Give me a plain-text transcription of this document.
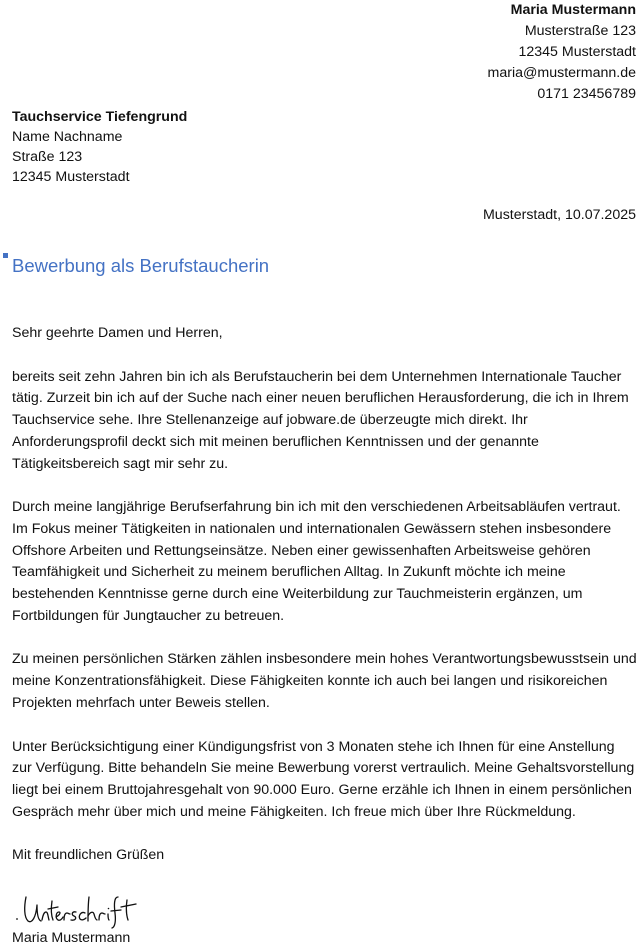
Maria Mustermann
Musterstraße 123
12345 Musterstadt
maria@mustermann.de
0171 23456789
Tauchservice Tiefengrund
Name Nachname
Straße 123
12345 Musterstadt
Musterstadt, 10.07.2025
Bewerbung als Berufstaucherin

Sehr geehrte Damen und Herren,

bereits seit zehn Jahren bin ich als Berufstaucherin bei dem Unternehmen Internationale Taucher tätig. Zurzeit bin ich auf der Suche nach einer neuen beruflichen Herausforderung, die ich in Ihrem Tauchservice sehe. Ihre Stellenanzeige auf jobware.de überzeugte mich direkt. Ihr Anforderungsprofil deckt sich mit meinen beruflichen Kenntnissen und der genannte Tätigkeitsbereich sagt mir sehr zu.

Durch meine langjährige Berufserfahrung bin ich mit den verschiedenen Arbeitsabläufen vertraut. Im Fokus meiner Tätigkeiten in nationalen und internationalen Gewässern stehen insbesondere Offshore Arbeiten und Rettungseinsätze. Neben einer gewissenhaften Arbeitsweise gehören Teamfähigkeit und Sicherheit zu meinem beruflichen Alltag. In Zukunft möchte ich meine bestehenden Kenntnisse gerne durch eine Weiterbildung zur Tauchmeisterin ergänzen, um Fortbildungen für Jungtaucher zu betreuen.

Zu meinen persönlichen Stärken zählen insbesondere mein hohes Verantwortungsbewusstsein und meine Konzentrationsfähigkeit. Diese Fähigkeiten konnte ich auch bei langen und risikoreichen Projekten mehrfach unter Beweis stellen.

Unter Berücksichtigung einer Kündigungsfrist von 3 Monaten stehe ich Ihnen für eine Anstellung zur Verfügung. Bitte behandeln Sie meine Bewerbung vorerst vertraulich. Meine Gehaltsvorstellung liegt bei einem Bruttojahresgehalt von 90.000 Euro. Gerne erzähle ich Ihnen in einem persönlichen Gespräch mehr über mich und meine Fähigkeiten. Ich freue mich über Ihre Rückmeldung.

Mit freundlichen Grüßen

Maria Mustermann
